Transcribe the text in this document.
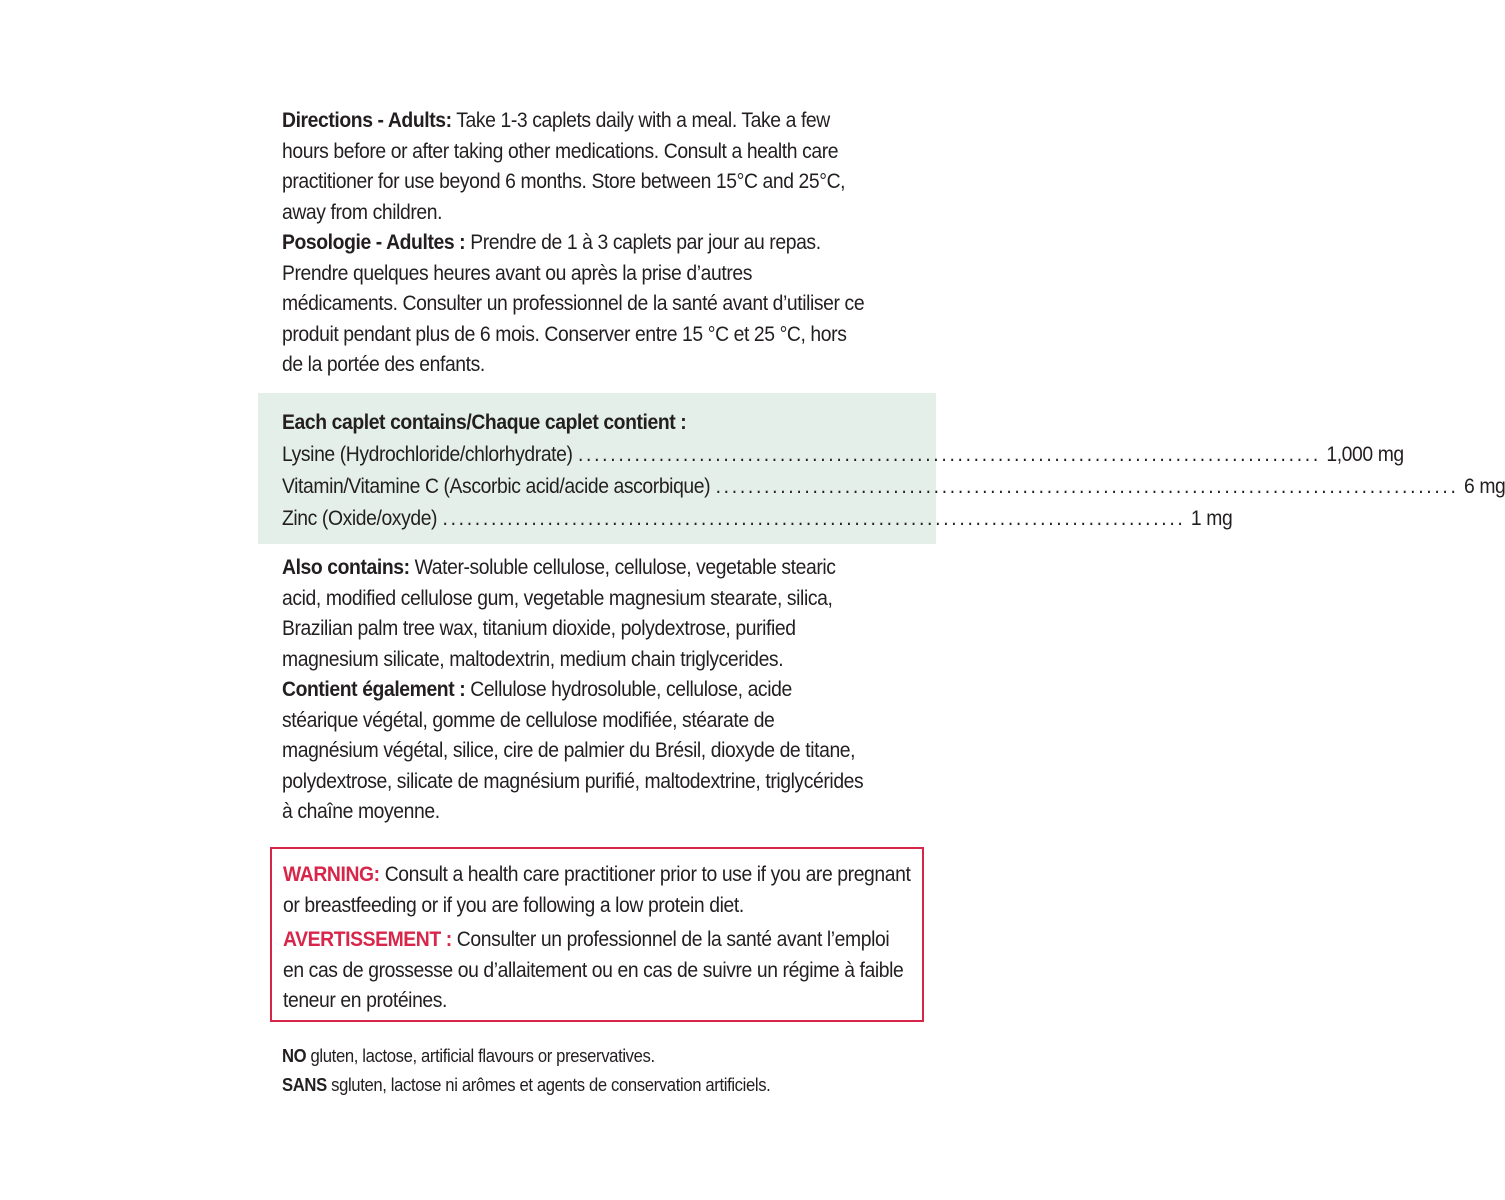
Directions - Adults: Take 1-3 caplets daily with a meal. Take a few hours before or after taking other medications. Consult a health care practitioner for use beyond 6 months. Store between 15°C and 25°C, away from children.

Posologie - Adultes : Prendre de 1 à 3 caplets par jour au repas. Prendre quelques heures avant ou après la prise d’autres médicaments. Consulter un professionnel de la santé avant d’utiliser ce produit pendant plus de 6 mois. Conserver entre 15 °C et 25 °C, hors de la portée des enfants.

Each caplet contains/Chaque caplet contient :
Lysine (Hydrochloride/chlorhydrate) ............................................................................................ 1,000 mg
Vitamin/Vitamine C (Ascorbic acid/acide ascorbique) ............................................................................................ 6 mg
Zinc (Oxide/oxyde) ............................................................................................ 1 mg

Also contains: Water-soluble cellulose, cellulose, vegetable stearic acid, modified cellulose gum, vegetable magnesium stearate, silica, Brazilian palm tree wax, titanium dioxide, polydextrose, purified magnesium silicate, maltodextrin, medium chain triglycerides.

Contient également : Cellulose hydrosoluble, cellulose, acide stéarique végétal, gomme de cellulose modifiée, stéarate de magnésium végétal, silice, cire de palmier du Brésil, dioxyde de titane, polydextrose, silicate de magnésium purifié, maltodextrine, triglycérides à chaîne moyenne.

WARNING: Consult a health care practitioner prior to use if you are pregnant or breastfeeding or if you are following a low protein diet.

AVERTISSEMENT : Consulter un professionnel de la santé avant l’emploi en cas de grossesse ou d’allaitement ou en cas de suivre un régime à faible teneur en protéines.

NO gluten, lactose, artificial flavours or preservatives.

SANS sgluten, lactose ni arômes et agents de conservation artificiels.
